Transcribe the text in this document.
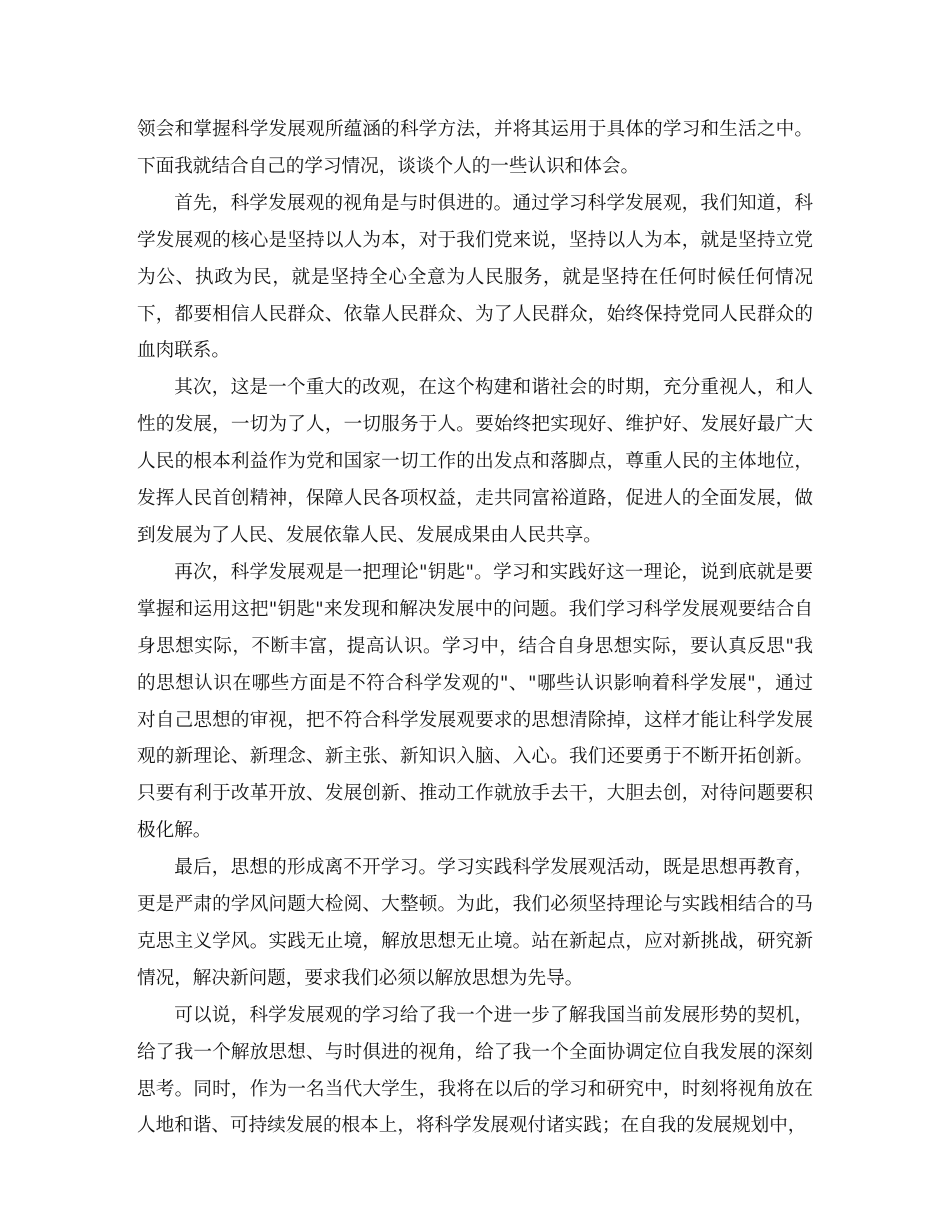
领会和掌握科学发展观所蕴涵的科学方法，并将其运用于具体的学习和生活之中。下面我就结合自己的学习情况，谈谈个人的一些认识和体会。

首先，科学发展观的视角是与时俱进的。通过学习科学发展观，我们知道，科学发展观的核心是坚持以人为本，对于我们党来说，坚持以人为本，就是坚持立党为公、执政为民，就是坚持全心全意为人民服务，就是坚持在任何时候任何情况下，都要相信人民群众、依靠人民群众、为了人民群众，始终保持党同人民群众的血肉联系。

其次，这是一个重大的改观，在这个构建和谐社会的时期，充分重视人，和人性的发展，一切为了人，一切服务于人。要始终把实现好、维护好、发展好最广大人民的根本利益作为党和国家一切工作的出发点和落脚点，尊重人民的主体地位，发挥人民首创精神，保障人民各项权益，走共同富裕道路，促进人的全面发展，做到发展为了人民、发展依靠人民、发展成果由人民共享。

再次，科学发展观是一把理论"钥匙"。学习和实践好这一理论，说到底就是要掌握和运用这把"钥匙"来发现和解决发展中的问题。我们学习科学发展观要结合自身思想实际，不断丰富，提高认识。学习中，结合自身思想实际，要认真反思"我的思想认识在哪些方面是不符合科学发观的"、"哪些认识影响着科学发展"，通过对自己思想的审视，把不符合科学发展观要求的思想清除掉，这样才能让科学发展观的新理论、新理念、新主张、新知识入脑、入心。我们还要勇于不断开拓创新。只要有利于改革开放、发展创新、推动工作就放手去干，大胆去创，对待问题要积极化解。

最后，思想的形成离不开学习。学习实践科学发展观活动，既是思想再教育，更是严肃的学风问题大检阅、大整顿。为此，我们必须坚持理论与实践相结合的马克思主义学风。实践无止境，解放思想无止境。站在新起点，应对新挑战，研究新情况，解决新问题，要求我们必须以解放思想为先导。

可以说，科学发展观的学习给了我一个进一步了解我国当前发展形势的契机，给了我一个解放思想、与时俱进的视角，给了我一个全面协调定位自我发展的深刻思考。同时，作为一名当代大学生，我将在以后的学习和研究中，时刻将视角放在人地和谐、可持续发展的根本上，将科学发展观付诸实践；在自我的发展规划中，
